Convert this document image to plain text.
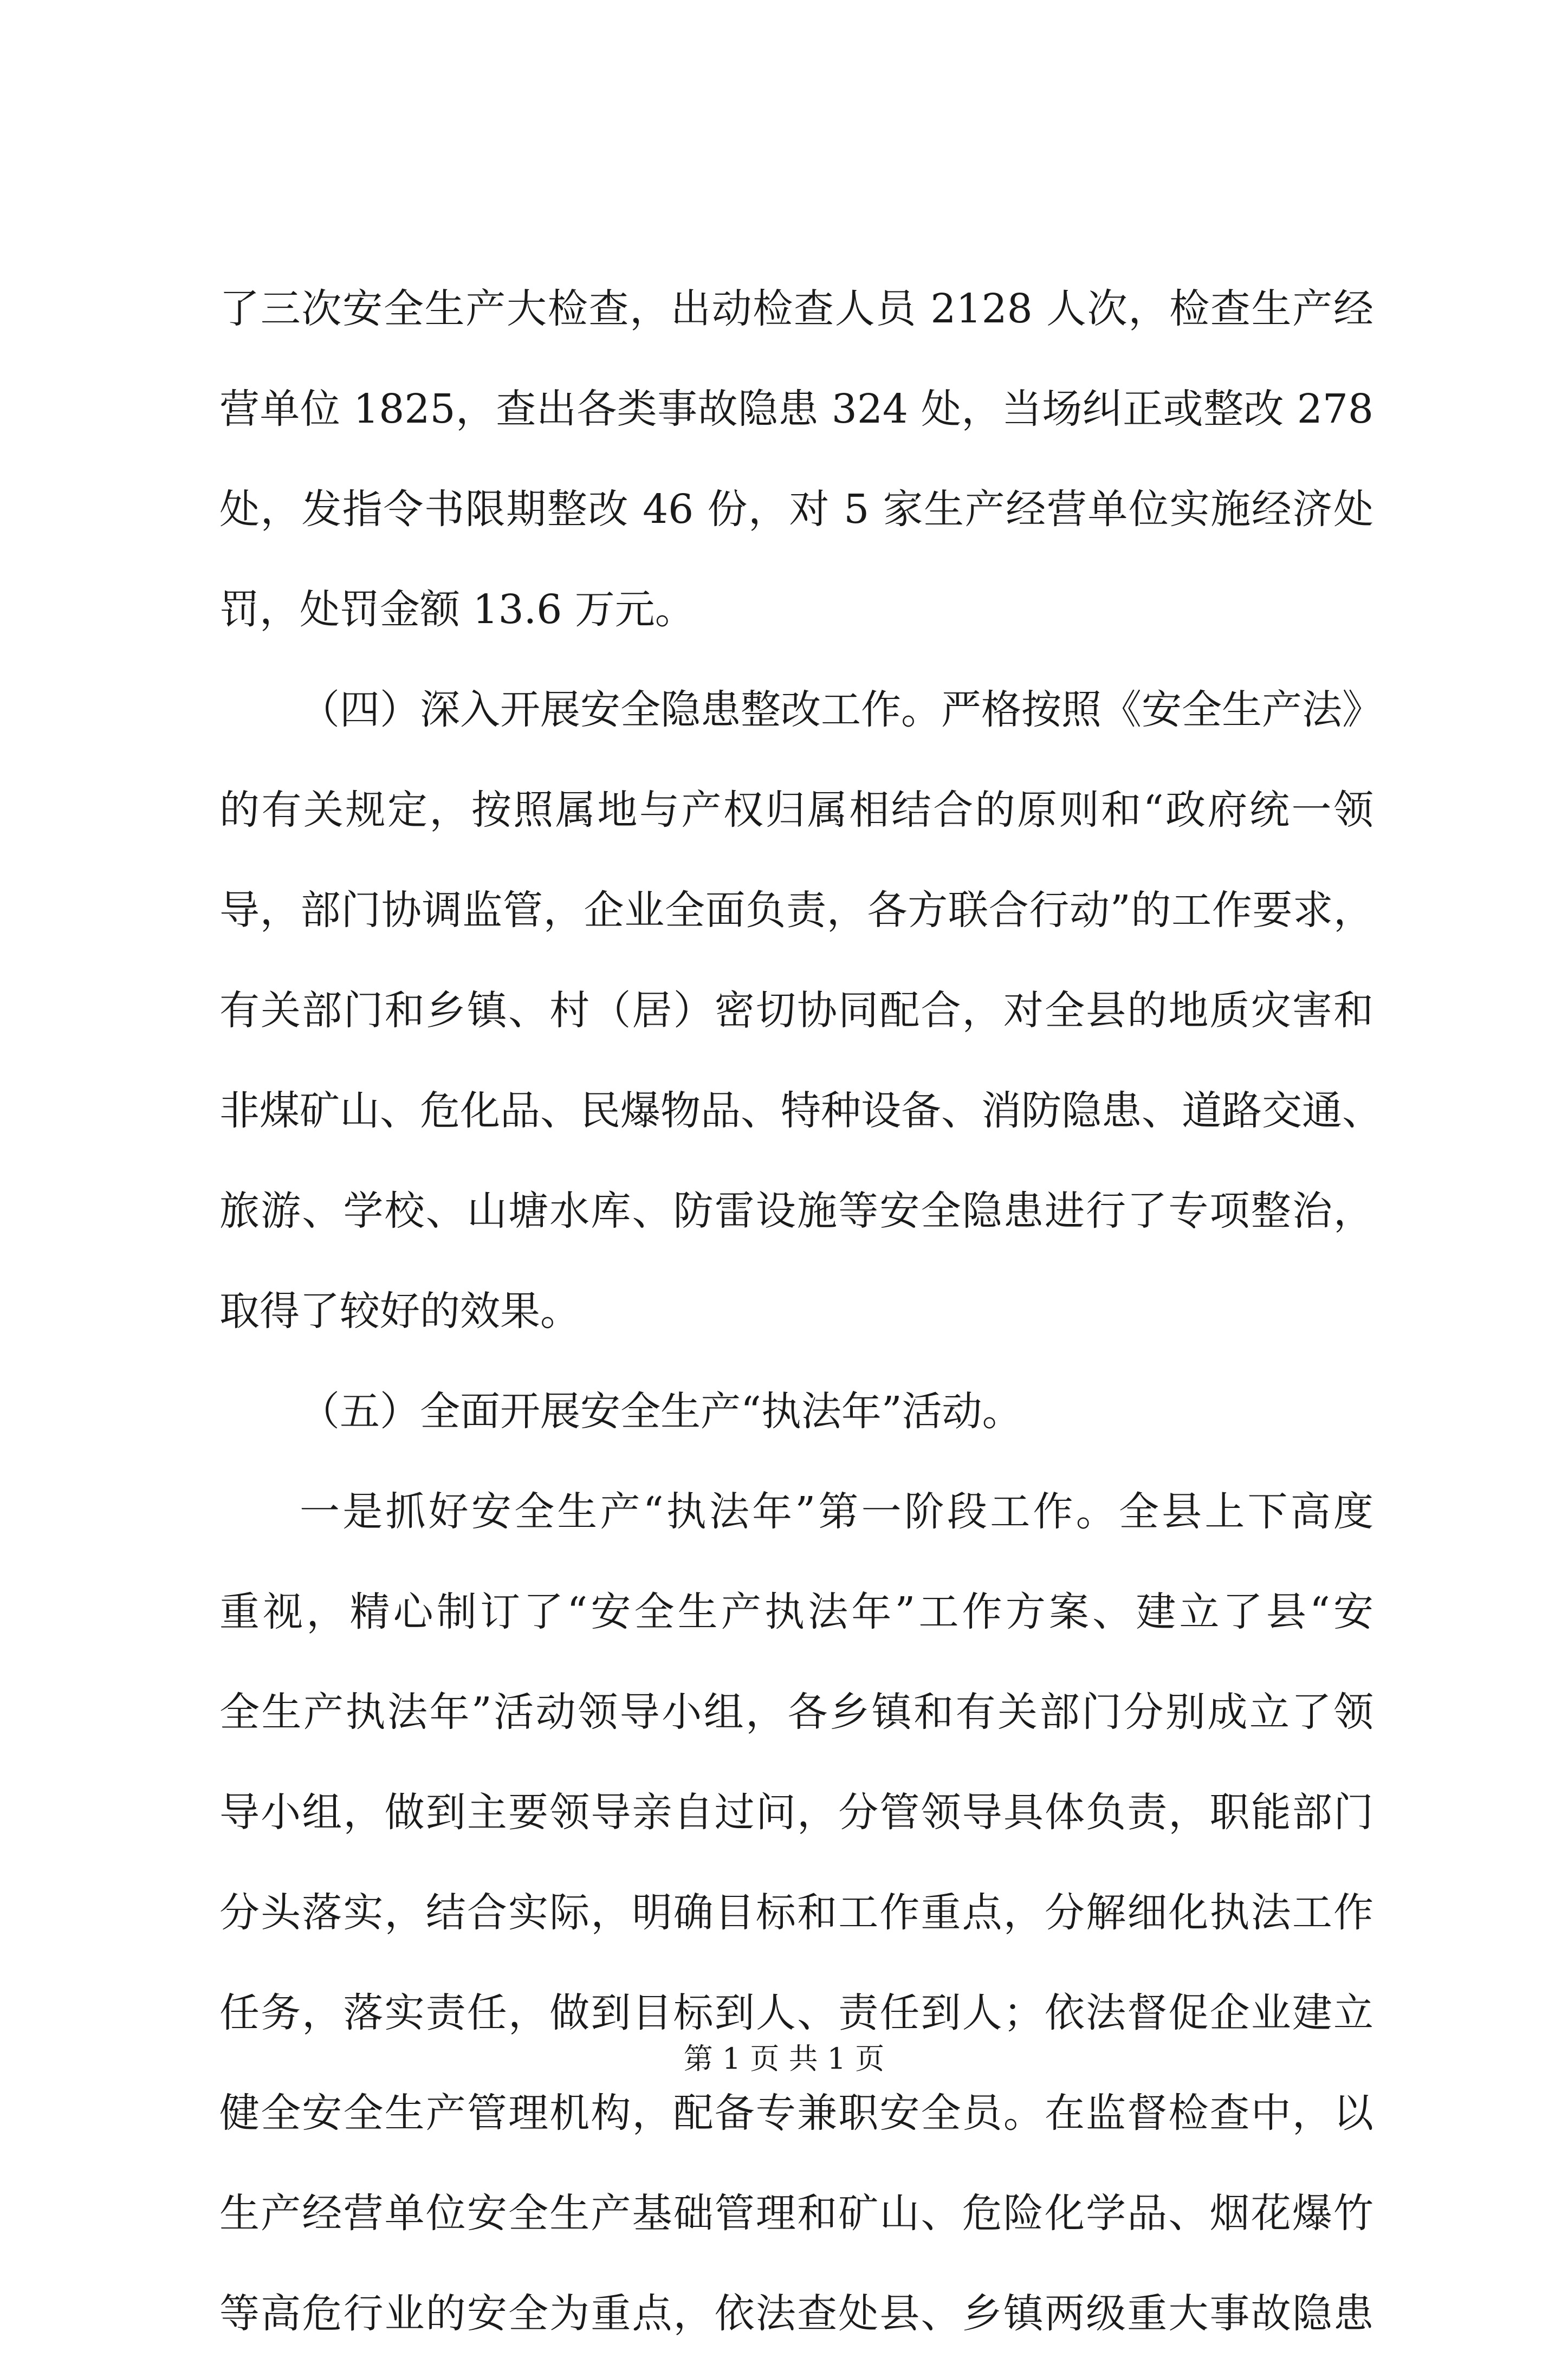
了三次安全生产大检查，出动检查人员 2128 人次，检查生产经
营单位 1825，查出各类事故隐患 324 处，当场纠正或整改 278
处，发指令书限期整改 46 份，对 5 家生产经营单位实施经济处
罚，处罚金额 13.6 万元。
（四）深入开展安全隐患整改工作。严格按照《安全生产法》
的有关规定，按照属地与产权归属相结合的原则和“政府统一领
导，部门协调监管，企业全面负责，各方联合行动”的工作要求，
有关部门和乡镇、村（居）密切协同配合，对全县的地质灾害和
非煤矿山、危化品、民爆物品、特种设备、消防隐患、道路交通、
旅游、学校、山塘水库、防雷设施等安全隐患进行了专项整治，
取得了较好的效果。
（五）全面开展安全生产“执法年”活动。
一是抓好安全生产“执法年”第一阶段工作。全县上下高度
重视，精心制订了“安全生产执法年”工作方案、建立了县“安
全生产执法年”活动领导小组，各乡镇和有关部门分别成立了领
导小组，做到主要领导亲自过问，分管领导具体负责，职能部门
分头落实，结合实际，明确目标和工作重点，分解细化执法工作
任务，落实责任，做到目标到人、责任到人；依法督促企业建立
健全安全生产管理机构，配备专兼职安全员。在监督检查中，以
生产经营单位安全生产基础管理和矿山、危险化学品、烟花爆竹
等高危行业的安全为重点，依法查处县、乡镇两级重大事故隐患
第 1 页 共 1 页
